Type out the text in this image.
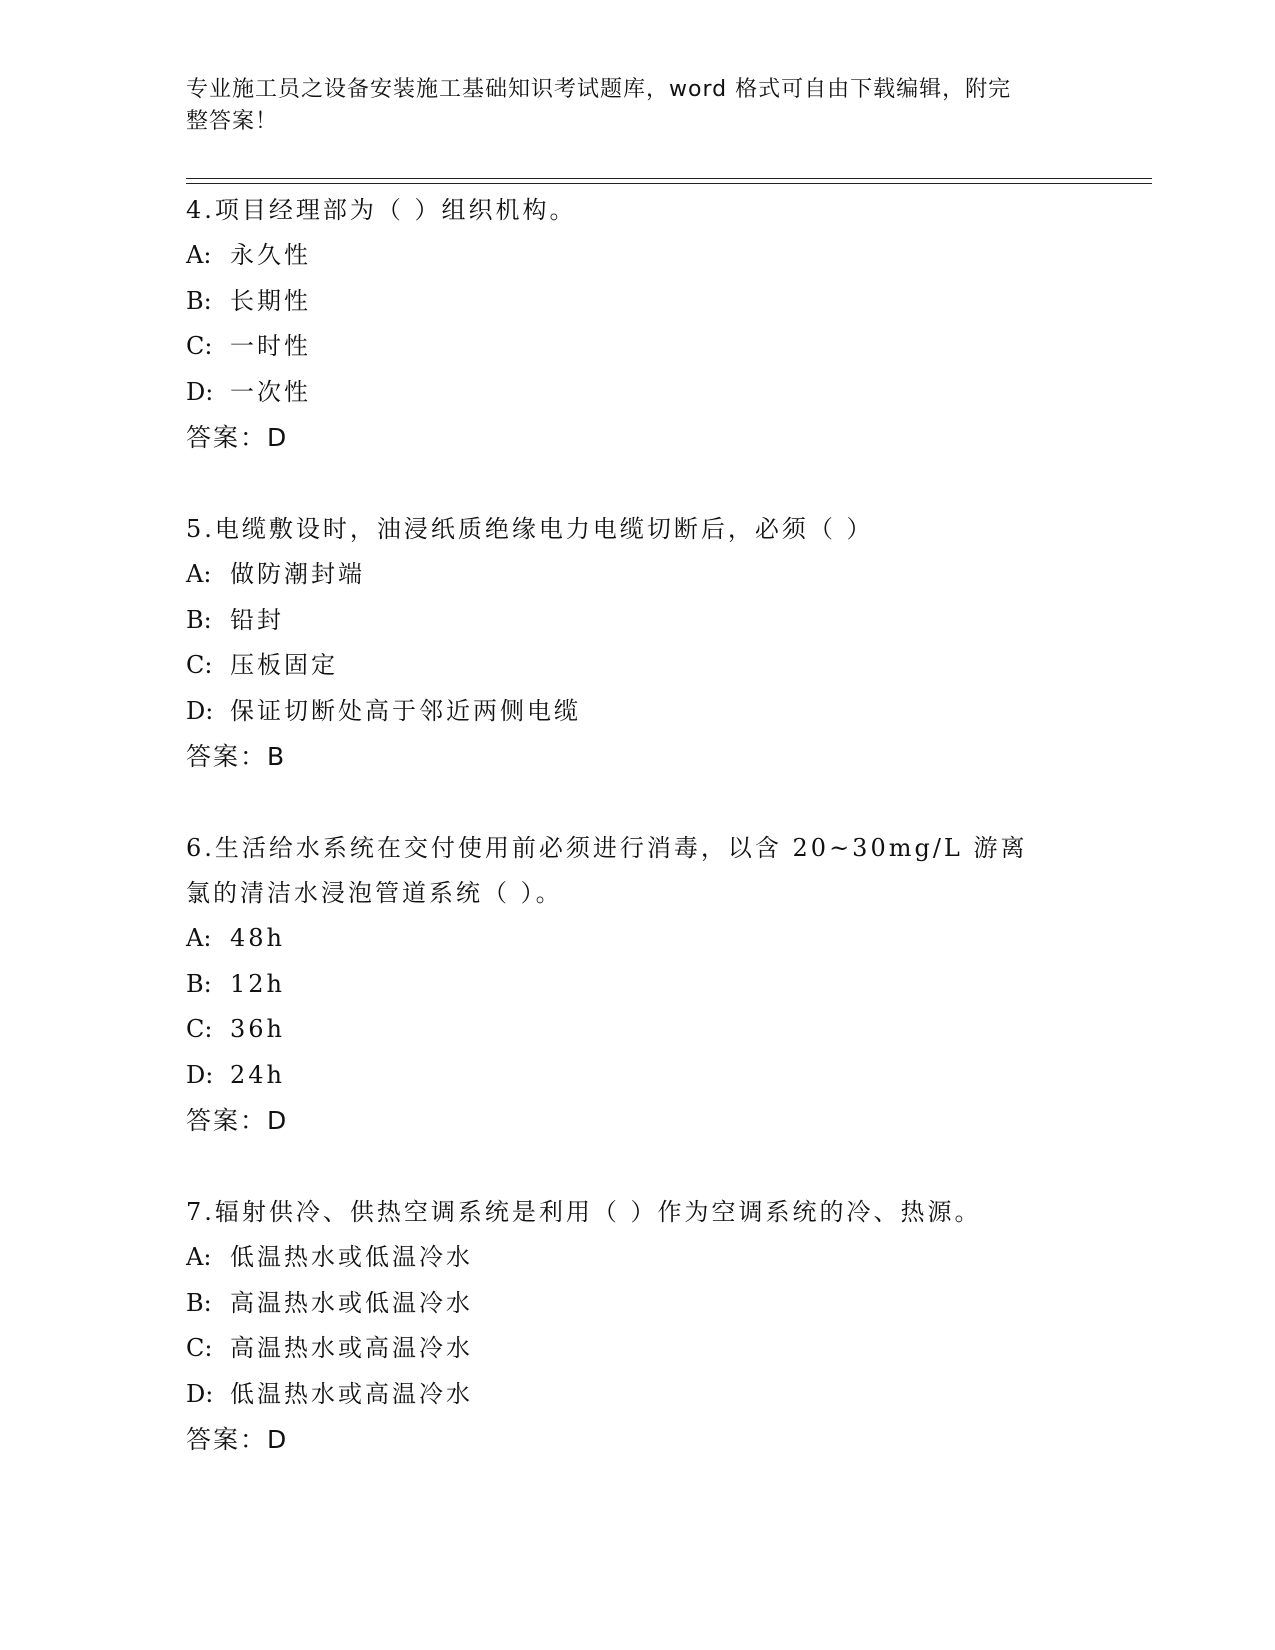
专业施工员之设备安装施工基础知识考试题库，word 格式可自由下载编辑，附完
整答案！

4.项目经理部为（ ）组织机构。

A: 永久性

B: 长期性

C: 一时性

D: 一次性

答案：D

5.电缆敷设时，油浸纸质绝缘电力电缆切断后，必须（ ）

A: 做防潮封端

B: 铅封

C: 压板固定

D: 保证切断处高于邻近两侧电缆

答案：B

6.生活给水系统在交付使用前必须进行消毒，以含 20~30mg/L 游离氯的清洁水浸泡管道系统（ ）。

A: 48h

B: 12h

C: 36h

D: 24h

答案：D

7.辐射供冷、供热空调系统是利用（ ）作为空调系统的冷、热源。

A: 低温热水或低温冷水

B: 高温热水或低温冷水

C: 高温热水或高温冷水

D: 低温热水或高温冷水

答案：D
